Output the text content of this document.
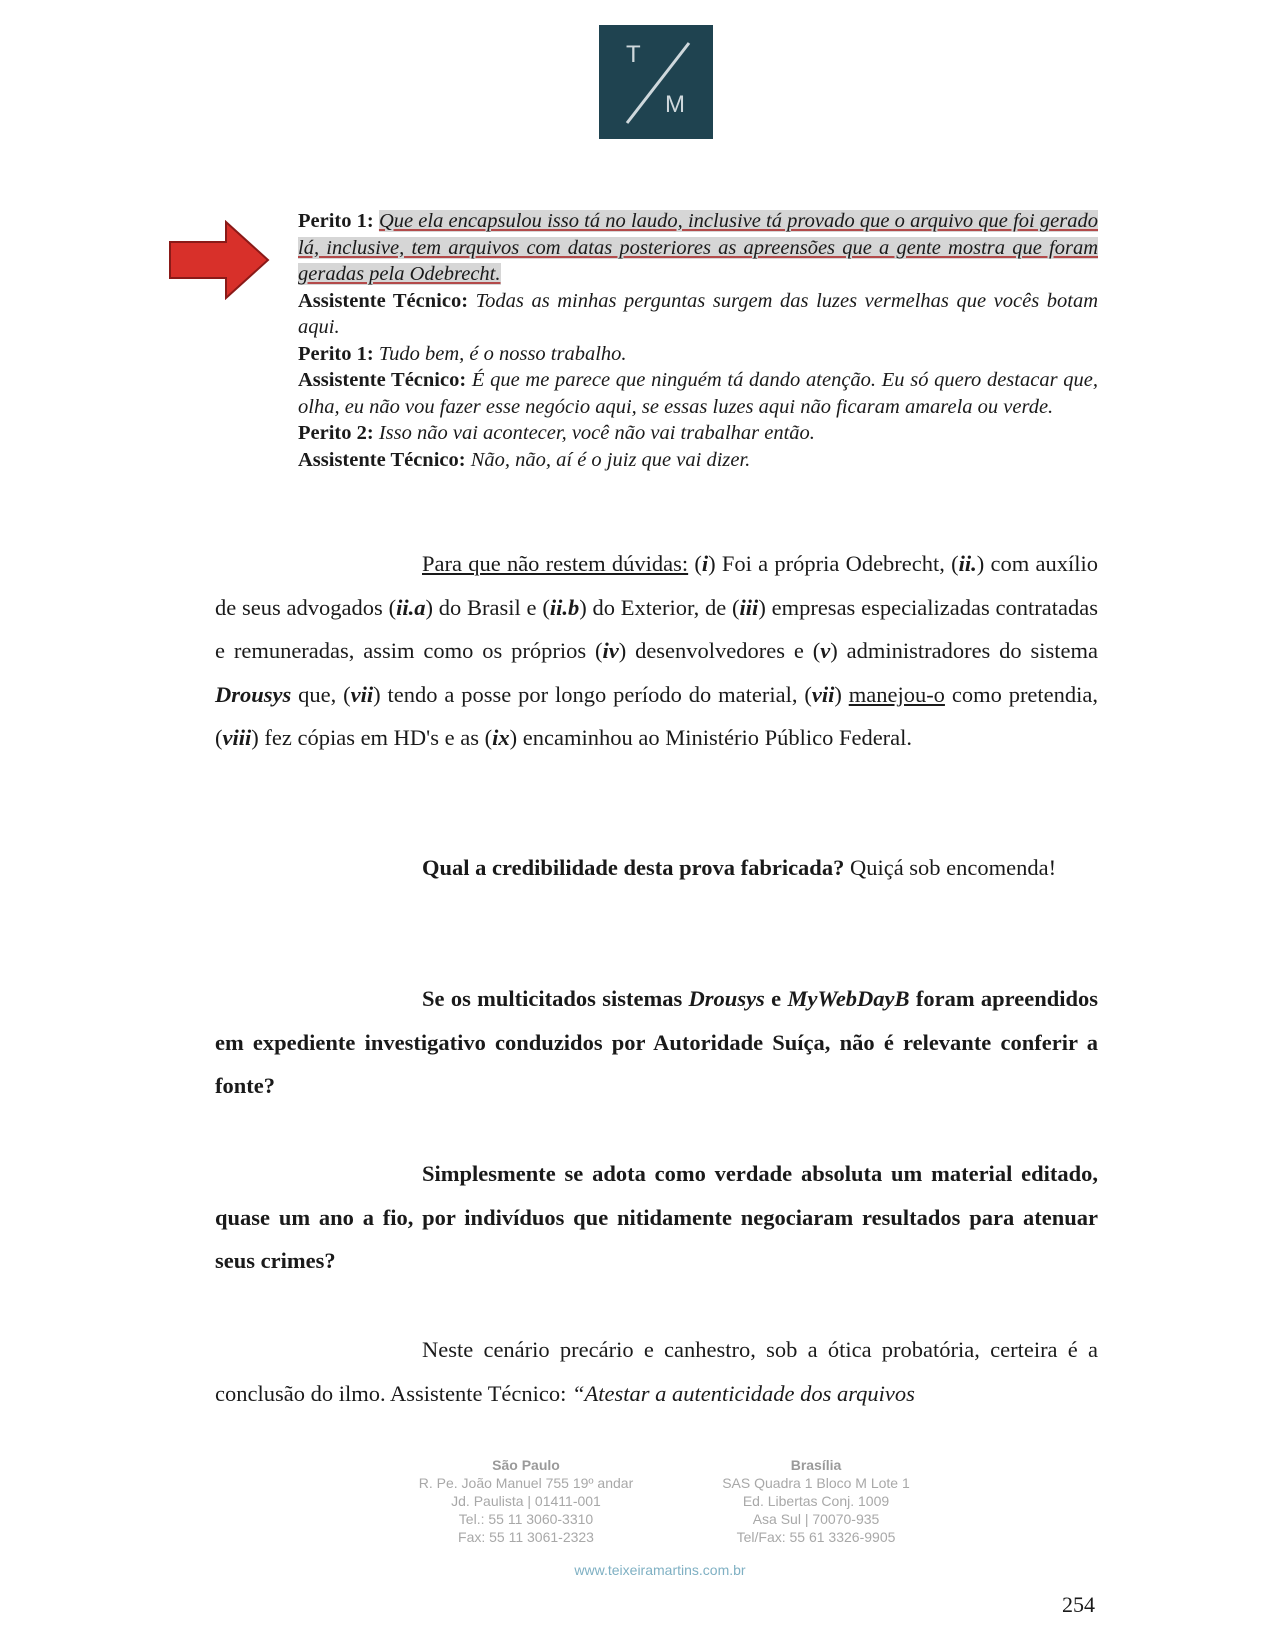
T
M
Perito 1: Que ela encapsulou isso tá no laudo, inclusive tá provado que o arquivo que foi gerado lá, inclusive, tem arquivos com datas posteriores as apreensões que a gente mostra que foram geradas pela Odebrecht.
Assistente Técnico: Todas as minhas perguntas surgem das luzes vermelhas que vocês botam aqui.
Perito 1: Tudo bem, é o nosso trabalho.
Assistente Técnico: É que me parece que ninguém tá dando atenção. Eu só quero destacar que, olha, eu não vou fazer esse negócio aqui, se essas luzes aqui não ficaram amarela ou verde.
Perito 2: Isso não vai acontecer, você não vai trabalhar então.
Assistente Técnico: Não, não, aí é o juiz que vai dizer.
Para que não restem dúvidas: (i) Foi a própria Odebrecht, (ii.) com auxílio de seus advogados (ii.a) do Brasil e (ii.b) do Exterior, de (iii) empresas especializadas contratadas e remuneradas, assim como os próprios (iv) desenvolvedores e (v) administradores do sistema Drousys que, (vii) tendo a posse por longo período do material, (vii) manejou-o como pretendia, (viii) fez cópias em HD's e as (ix) encaminhou ao Ministério Público Federal.
Qual a credibilidade desta prova fabricada? Quiçá sob encomenda!
Se os multicitados sistemas Drousys e MyWebDayB foram apreendidos em expediente investigativo conduzidos por Autoridade Suíça, não é relevante conferir a fonte?
Simplesmente se adota como verdade absoluta um material editado, quase um ano a fio, por indivíduos que nitidamente negociaram resultados para atenuar seus crimes?
Neste cenário precário e canhestro, sob a ótica probatória, certeira é a conclusão do ilmo. Assistente Técnico: “Atestar a autenticidade dos arquivos
São Paulo
R. Pe. João Manuel 755 19º andar
Jd. Paulista | 01411-001
Tel.: 55 11 3060-3310
Fax: 55 11 3061-2323
Brasília
SAS Quadra 1 Bloco M Lote 1
Ed. Libertas Conj. 1009
Asa Sul | 70070-935
Tel/Fax: 55 61 3326-9905
www.teixeiramartins.com.br
254
